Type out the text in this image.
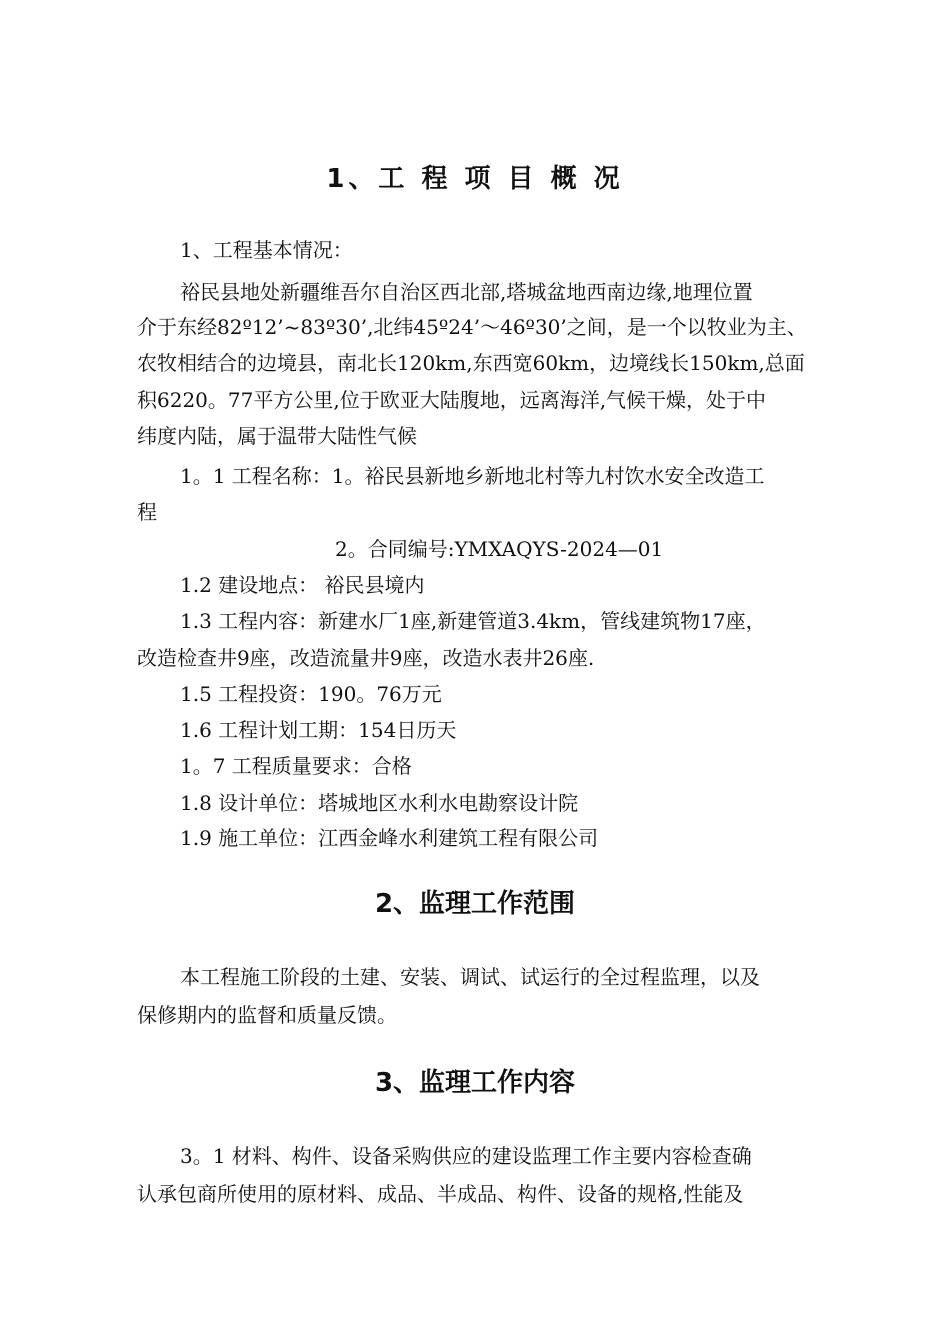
1、工 程 项 目 概 况
1、工程基本情况：
裕民县地处新疆维吾尔自治区西北部,塔城盆地西南边缘,地理位置
介于东经82º12’~83º30’,北纬45º24’～46º30’之间，是一个以牧业为主、
农牧相结合的边境县，南北长120km,东西宽60km，边境线长150km,总面
积6220。77平方公里,位于欧亚大陆腹地，远离海洋,气候干燥，处于中
纬度内陆，属于温带大陆性气候
1。1 工程名称：1。裕民县新地乡新地北村等九村饮水安全改造工
程
2。合同编号:YMXAQYS-2024—01
1.2 建设地点： 裕民县境内
1.3 工程内容：新建水厂1座,新建管道3.4km，管线建筑物17座，
改造检查井9座，改造流量井9座，改造水表井26座.
1.5 工程投资：190。76万元
1.6 工程计划工期：154日历天
1。7 工程质量要求：合格
1.8 设计单位：塔城地区水利水电勘察设计院
1.9 施工单位：江西金峰水利建筑工程有限公司
2、监理工作范围
本工程施工阶段的土建、安装、调试、试运行的全过程监理，以及
保修期内的监督和质量反馈。
3、监理工作内容
3。1 材料、构件、设备采购供应的建设监理工作主要内容检查确
认承包商所使用的原材料、成品、半成品、构件、设备的规格,性能及
